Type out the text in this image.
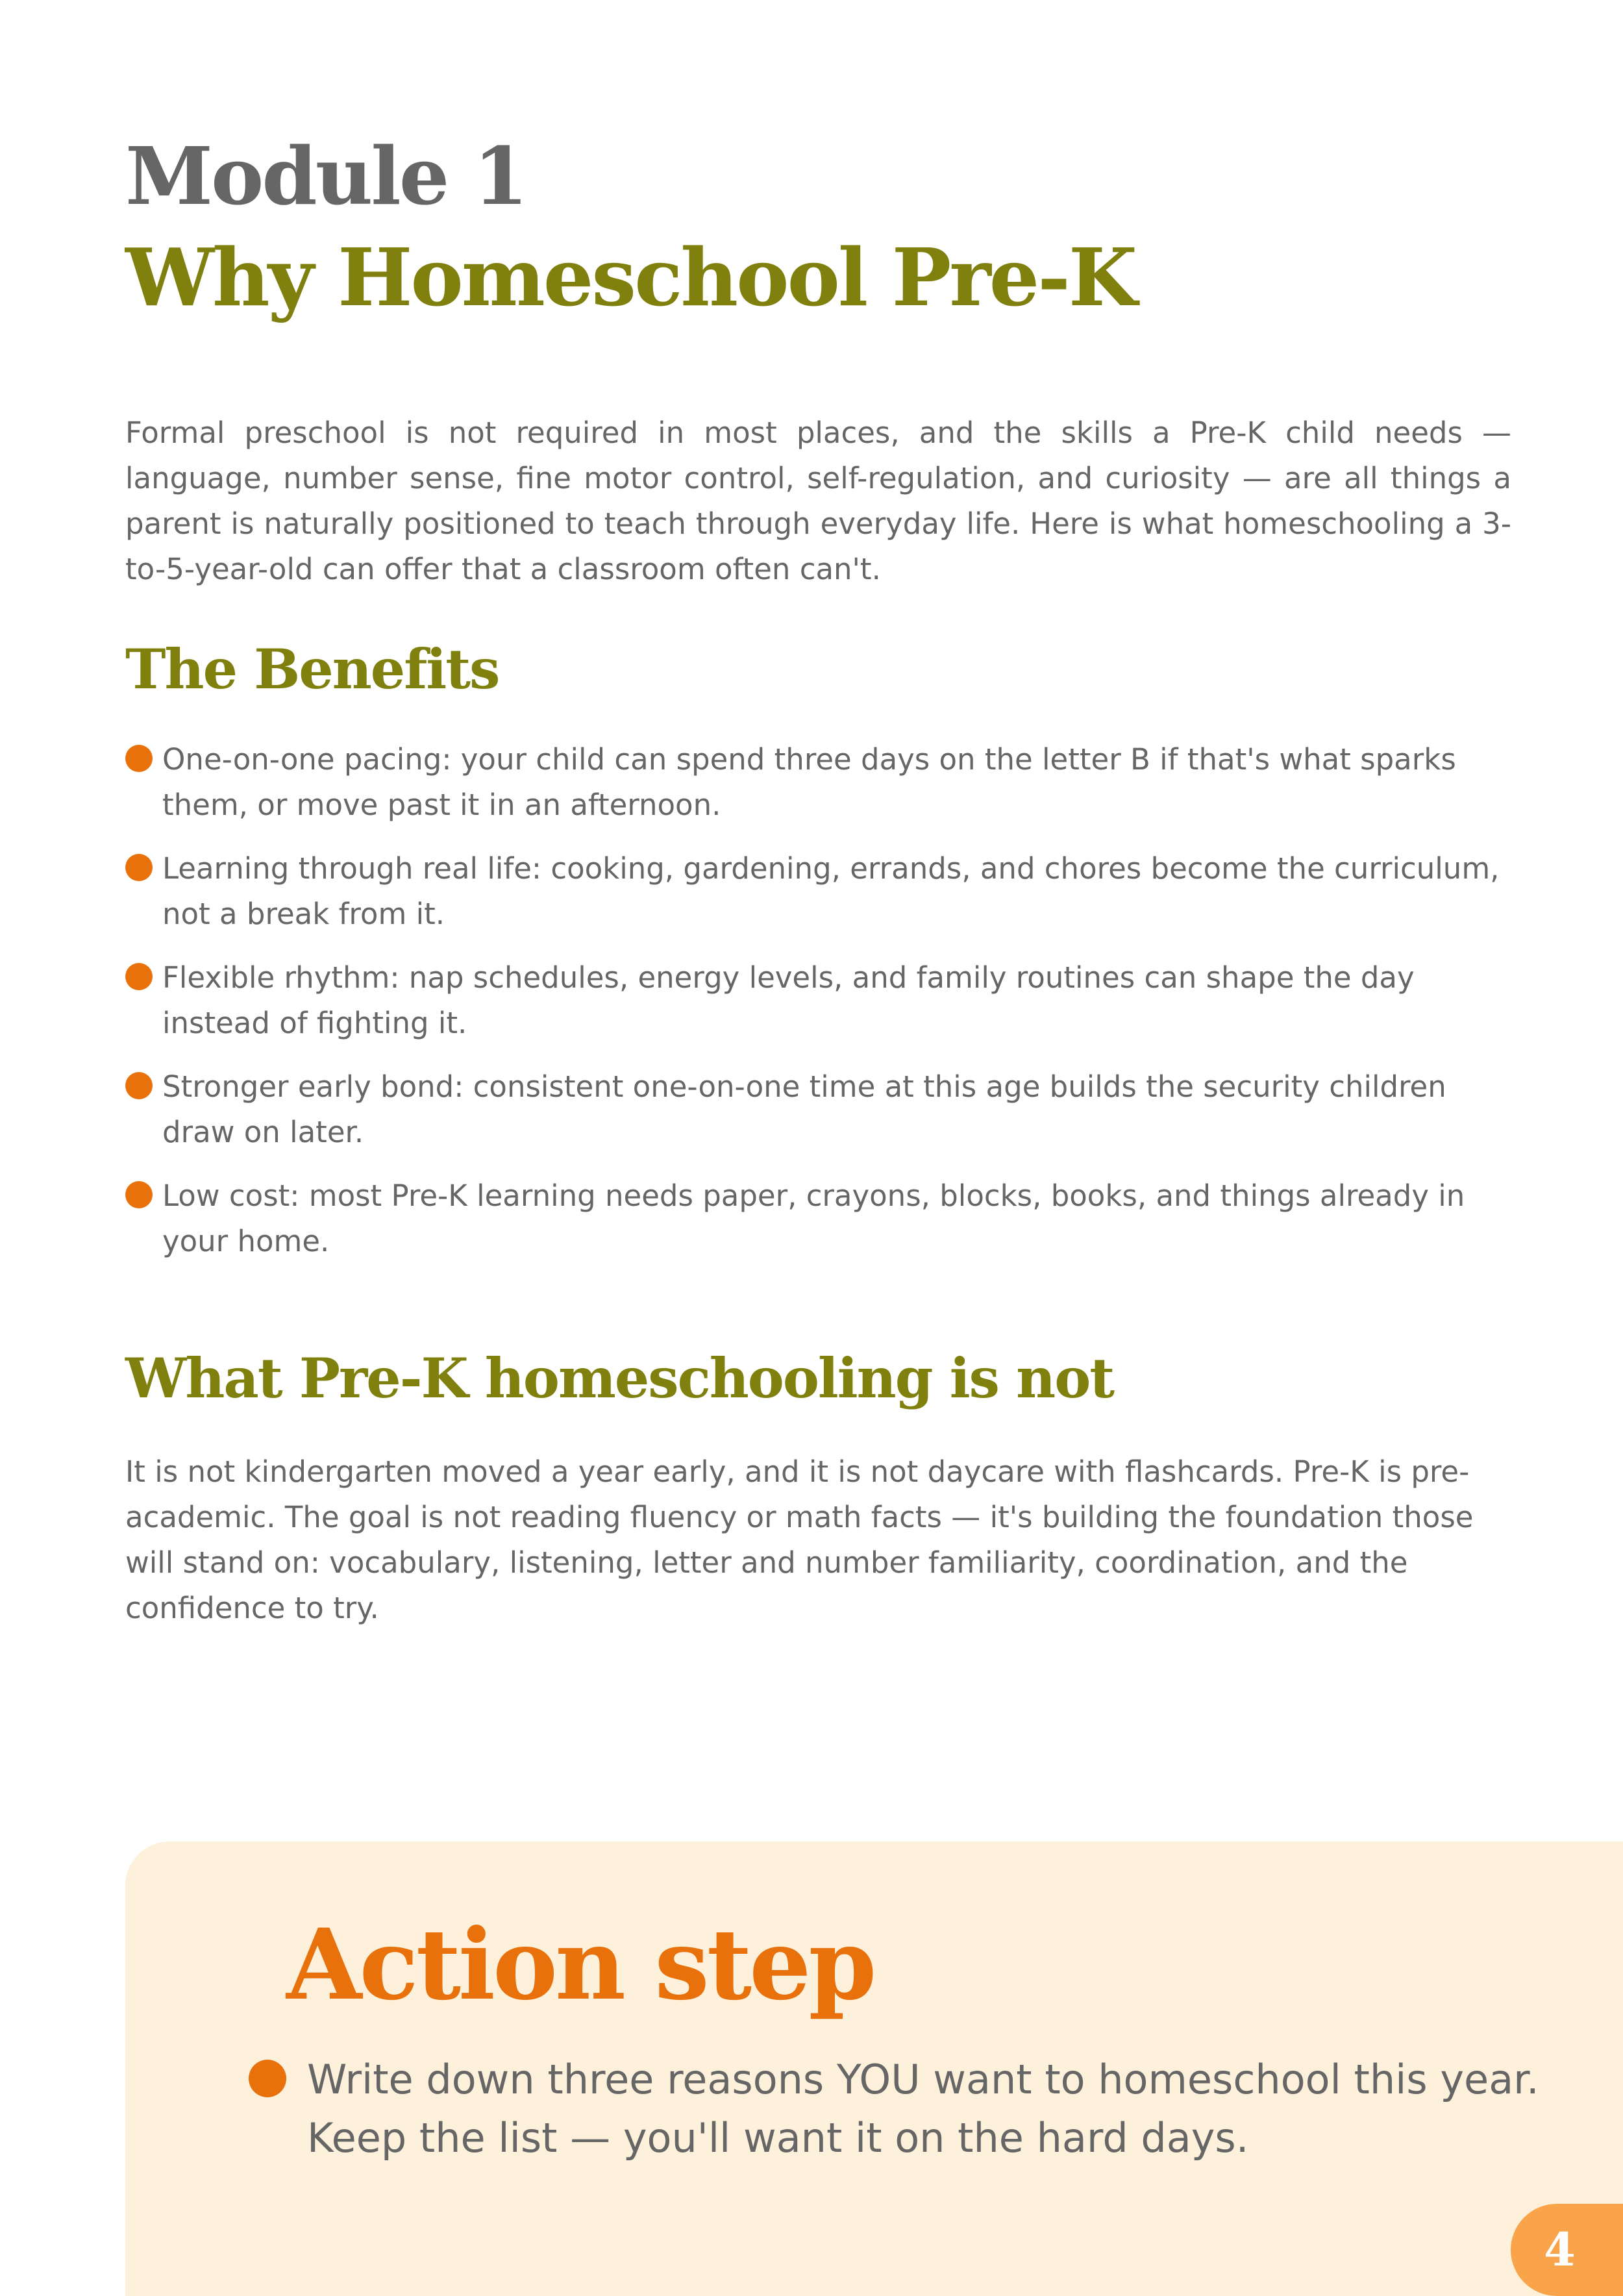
Module 1
Why Homeschool Pre-K

Formal preschool is not required in most places, and the skills a Pre-K child needs — language, number sense, fine motor control, self-regulation, and curiosity — are all things a parent is naturally positioned to teach through everyday life. Here is what homeschooling a 3-to-5-year-old can offer that a classroom often can't.

The Benefits
One-on-one pacing: your child can spend three days on the letter B if that's what sparks them, or move past it in an afternoon.
Learning through real life: cooking, gardening, errands, and chores become the curriculum, not a break from it.
Flexible rhythm: nap schedules, energy levels, and family routines can shape the day instead of fighting it.
Stronger early bond: consistent one-on-one time at this age builds the security children draw on later.
Low cost: most Pre-K learning needs paper, crayons, blocks, books, and things already in your home.
What Pre-K homeschooling is not

It is not kindergarten moved a year early, and it is not daycare with flashcards. Pre-K is pre-academic. The goal is not reading fluency or math facts — it's building the foundation those will stand on: vocabulary, listening, letter and number familiarity, coordination, and the confidence to try.

Action step
Write down three reasons YOU want to homeschool this year. Keep the list — you'll want it on the hard days.
4
